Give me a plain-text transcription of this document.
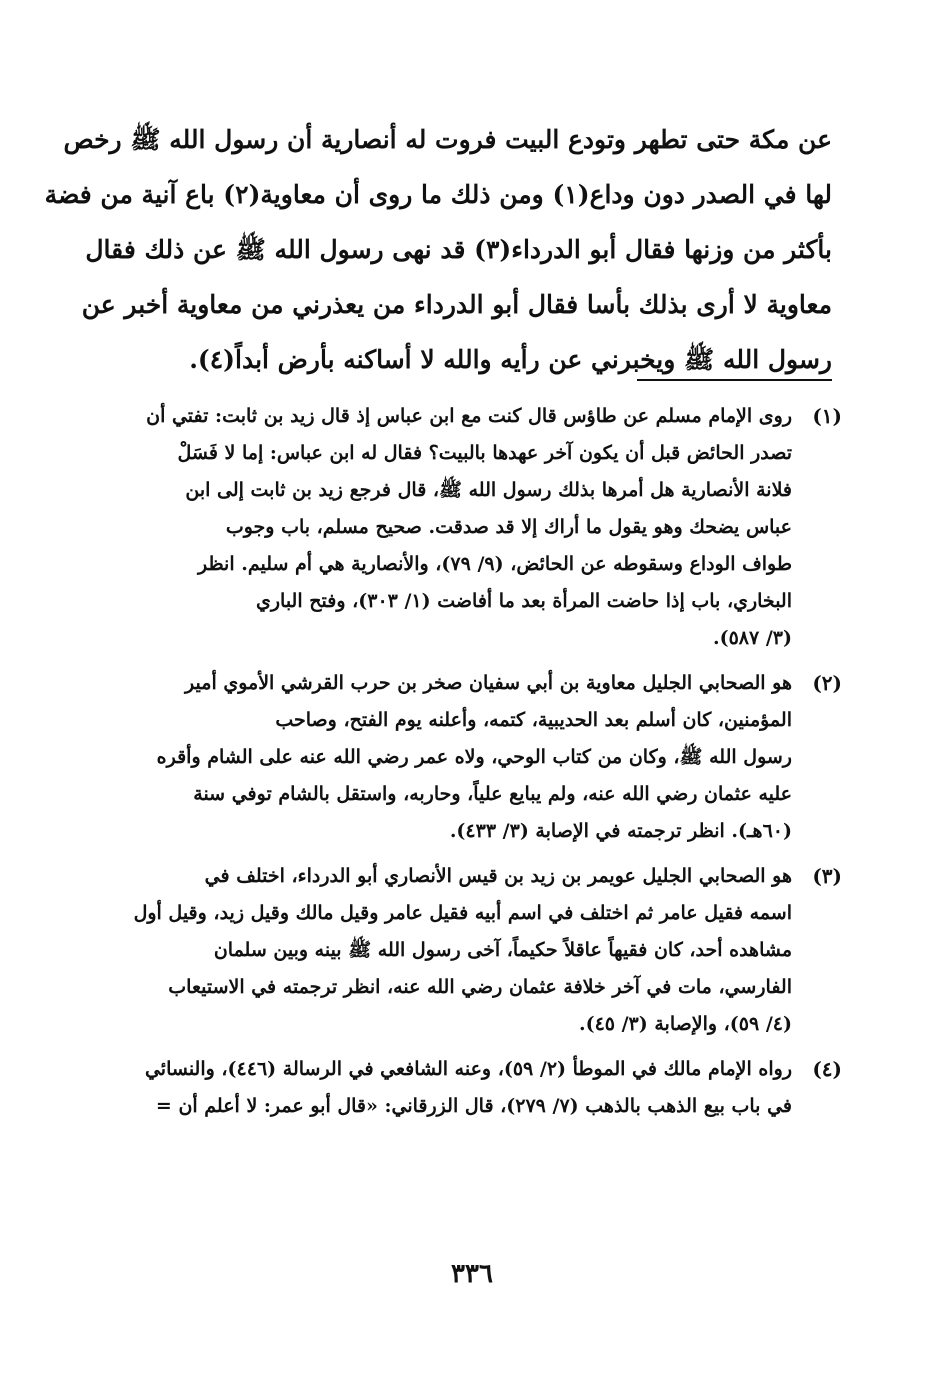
عن مكة حتى تطهر وتودع البيت فروت له أنصارية أن رسول الله ﷺ رخص
لها في الصدر دون وداع(١) ومن ذلك ما روى أن معاوية(٢) باع آنية من فضة
بأكثر من وزنها فقال أبو الدرداء(٣) قد نهى رسول الله ﷺ عن ذلك فقال
معاوية لا أرى بذلك بأسا فقال أبو الدرداء من يعذرني من معاوية أخبر عن
رسول الله ﷺ ويخبرني عن رأيه والله لا أساكنه بأرض أبداً(٤).
(١)
روى الإمام مسلم عن طاؤس قال كنت مع ابن عباس إذ قال زيد بن ثابت: تفتي أن
تصدر الحائض قبل أن يكون آخر عهدها بالبيت؟ فقال له ابن عباس: إما لا فَسَلْ
فلانة الأنصارية هل أمرها بذلك رسول الله ﷺ، قال فرجع زيد بن ثابت إلى ابن
عباس يضحك وهو يقول ما أراك إلا قد صدقت. صحيح مسلم، باب وجوب
طواف الوداع وسقوطه عن الحائض، (٩/ ٧٩)، والأنصارية هي أم سليم. انظر
البخاري، باب إذا حاضت المرأة بعد ما أفاضت (١/ ٣٠٣)، وفتح الباري
(٣/ ٥٨٧).
(٢)
هو الصحابي الجليل معاوية بن أبي سفيان صخر بن حرب القرشي الأموي أمير
المؤمنين، كان أسلم بعد الحديبية، كتمه، وأعلنه يوم الفتح، وصاحب
رسول الله ﷺ، وكان من كتاب الوحي، ولاه عمر رضي الله عنه على الشام وأقره
عليه عثمان رضي الله عنه، ولم يبايع علياً، وحاربه، واستقل بالشام توفي سنة
(٦٠هـ). انظر ترجمته في الإصابة (٣/ ٤٣٣).
(٣)
هو الصحابي الجليل عويمر بن زيد بن قيس الأنصاري أبو الدرداء، اختلف في
اسمه فقيل عامر ثم اختلف في اسم أبيه فقيل عامر وقيل مالك وقيل زيد، وقيل أول
مشاهده أحد، كان فقيهاً عاقلاً حكيماً، آخى رسول الله ﷺ بينه وبين سلمان
الفارسي، مات في آخر خلافة عثمان رضي الله عنه، انظر ترجمته في الاستيعاب
(٤/ ٥٩)، والإصابة (٣/ ٤٥).
(٤)
رواه الإمام مالك في الموطأ (٢/ ٥٩)، وعنه الشافعي في الرسالة (٤٤٦)، والنسائي
في باب بيع الذهب بالذهب (٧/ ٢٧٩)، قال الزرقاني: «قال أبو عمر: لا أعلم أن =
٣٣٦
